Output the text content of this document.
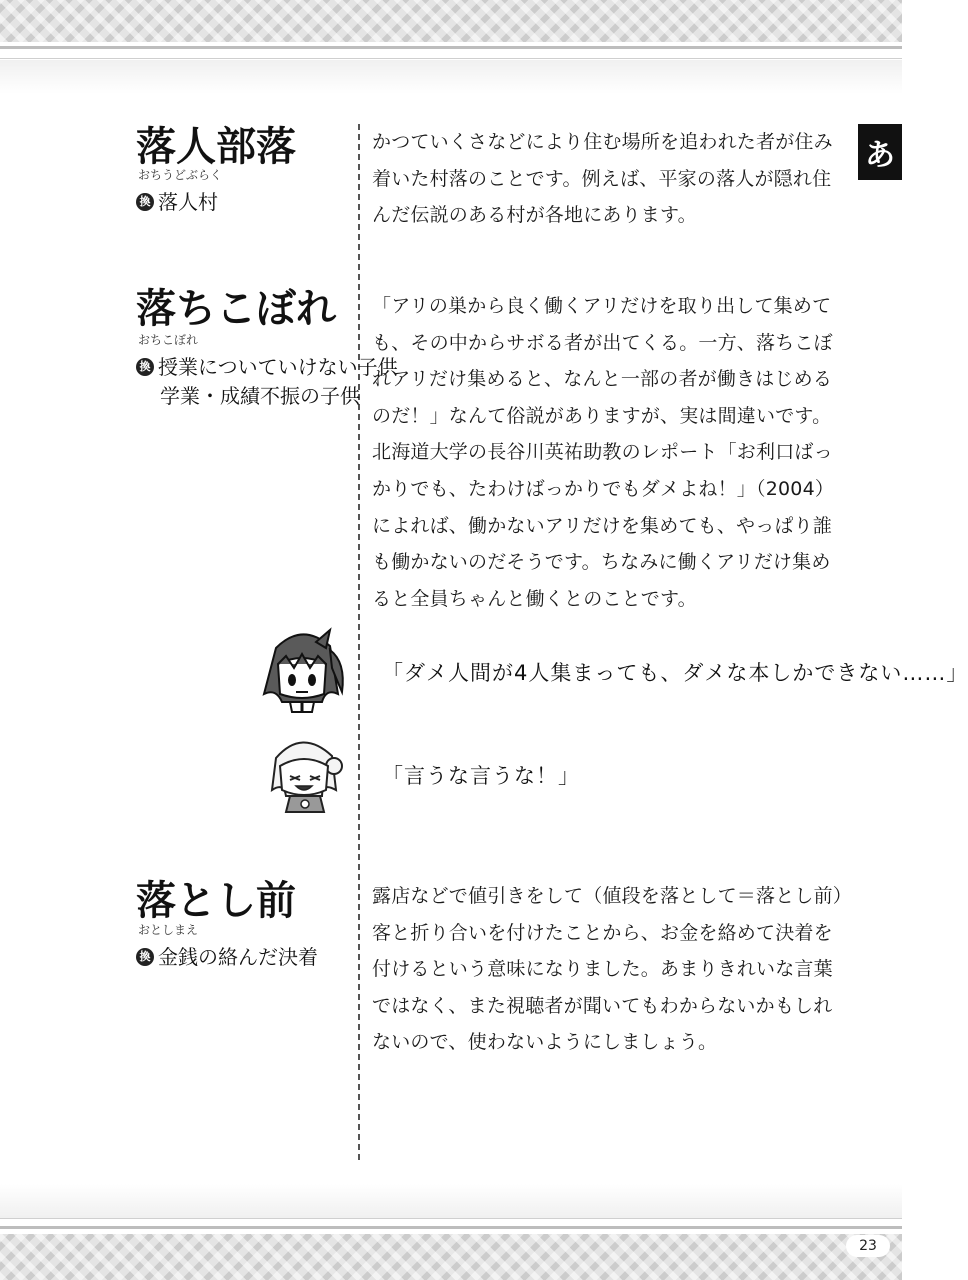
あ
落人部落

おちうどぶらく

換 落人村

かつていくさなどにより住む場所を追われた者が住み
着いた村落のことです。例えば、平家の落人が隠れ住
んだ伝説のある村が各地にあります。

落ちこぼれ

おちこぼれ

換 授業についていけない子供

学業・成績不振の子供

「アリの巣から良く働くアリだけを取り出して集めて
も、その中からサボる者が出てくる。一方、落ちこぼ
れアリだけ集めると、なんと一部の者が働きはじめる
のだ！」なんて俗説がありますが、実は間違いです。
北海道大学の長谷川英祐助教のレポート「お利口ばっ
かりでも、たわけばっかりでもダメよね！」（2004）
によれば、働かないアリだけを集めても、やっぱり誰
も働かないのだそうです。ちなみに働くアリだけ集め
ると全員ちゃんと働くとのことです。

「ダメ人間が4人集まっても、ダメな本しかできない……」

「言うな言うな！」

落とし前

おとしまえ

換 金銭の絡んだ決着

露店などで値引きをして（値段を落として＝落とし前）
客と折り合いを付けたことから、お金を絡めて決着を
付けるという意味になりました。あまりきれいな言葉
ではなく、また視聴者が聞いてもわからないかもしれ
ないので、使わないようにしましょう。

23
